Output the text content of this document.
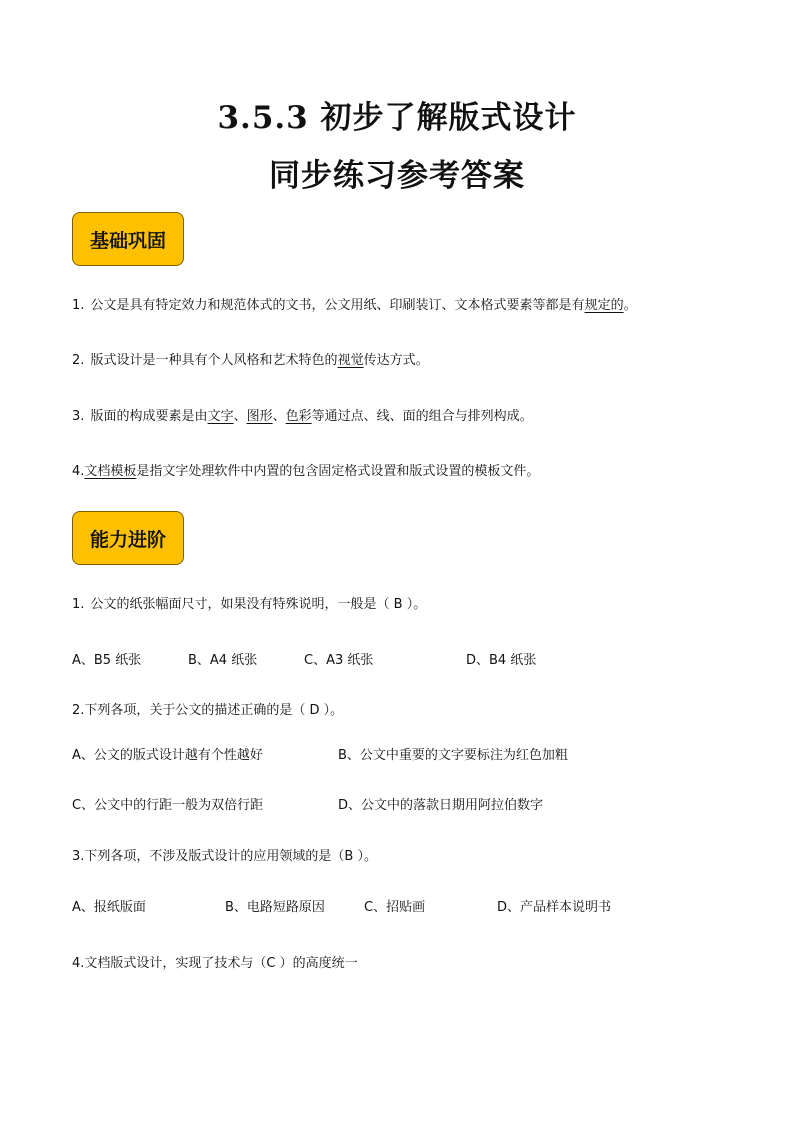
3.5.3 初步了解版式设计
同步练习参考答案
基础巩固
1. 公文是具有特定效力和规范体式的文书，公文用纸、印刷装订、文本格式要素等都是有规定的。
2. 版式设计是一种具有个人风格和艺术特色的视觉传达方式。
3. 版面的构成要素是由文字、图形、色彩等通过点、线、面的组合与排列构成。
4.文档模板是指文字处理软件中内置的包含固定格式设置和版式设置的模板文件。
能力进阶
1. 公文的纸张幅面尺寸，如果没有特殊说明，一般是（ B ）。
A、B5 纸张	B、A4 纸张	C、A3 纸张	D、B4 纸张
2.下列各项，关于公文的描述正确的是（ D ）。
A、公文的版式设计越有个性越好	B、公文中重要的文字要标注为红色加粗
C、公文中的行距一般为双倍行距	D、公文中的落款日期用阿拉伯数字
3.下列各项，不涉及版式设计的应用领域的是（B ）。
A、报纸版面	B、电路短路原因	C、招贴画	D、产品样本说明书
4.文档版式设计，实现了技术与（C ）的高度统一
